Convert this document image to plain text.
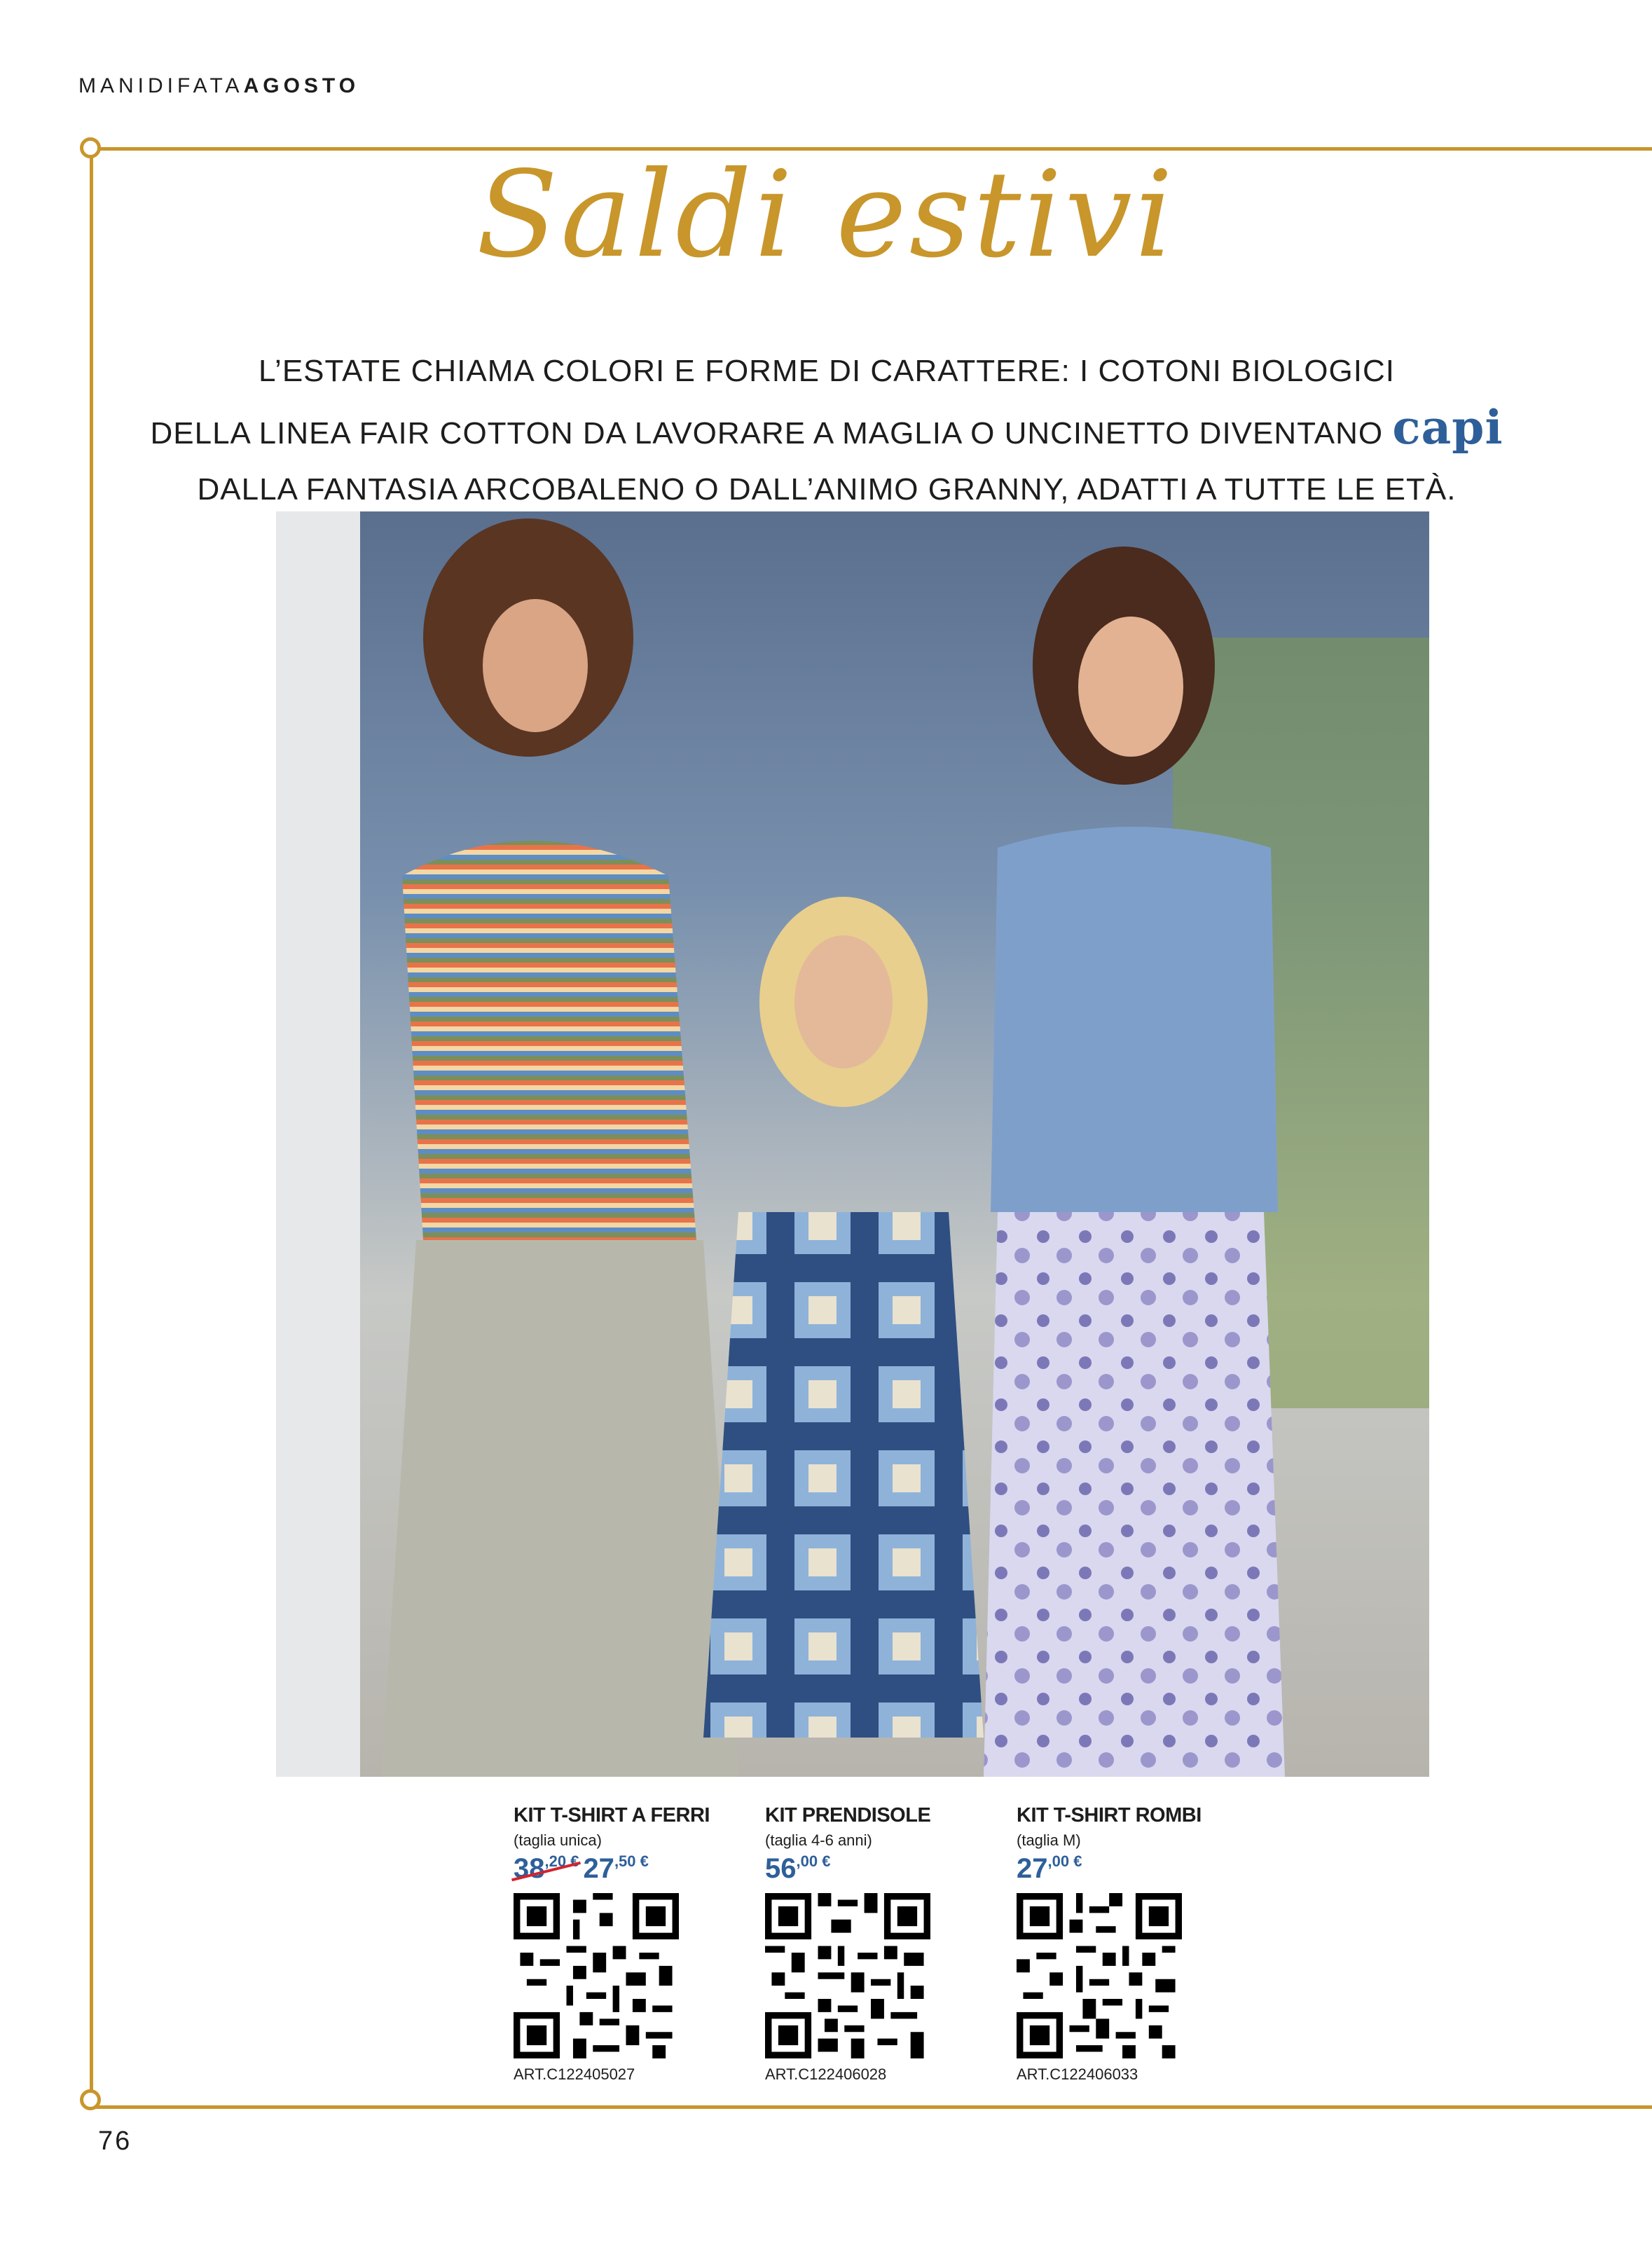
MANIDIFATAAGOSTO
Saldi estivi
L’ESTATE CHIAMA COLORI E FORME DI CARATTERE: I COTONI BIOLOGICI
DELLA LINEA FAIR COTTON DA LAVORARE A MAGLIA O UNCINETTO DIVENTANO capi
DALLA FANTASIA ARCOBALENO O DALL’ANIMO GRANNY, ADATTI A TUTTE LE ETÀ.
KIT T-SHIRT A FERRI
(taglia unica)
$38^{,20 €}$ $27^{,50 €}$
ART.C122405027
KIT PRENDISOLE
(taglia 4-6 anni)
$56^{,00 €}$
ART.C122406028
KIT T-SHIRT ROMBI
(taglia M)
$27^{,00 €}$
ART.C122406033
76
